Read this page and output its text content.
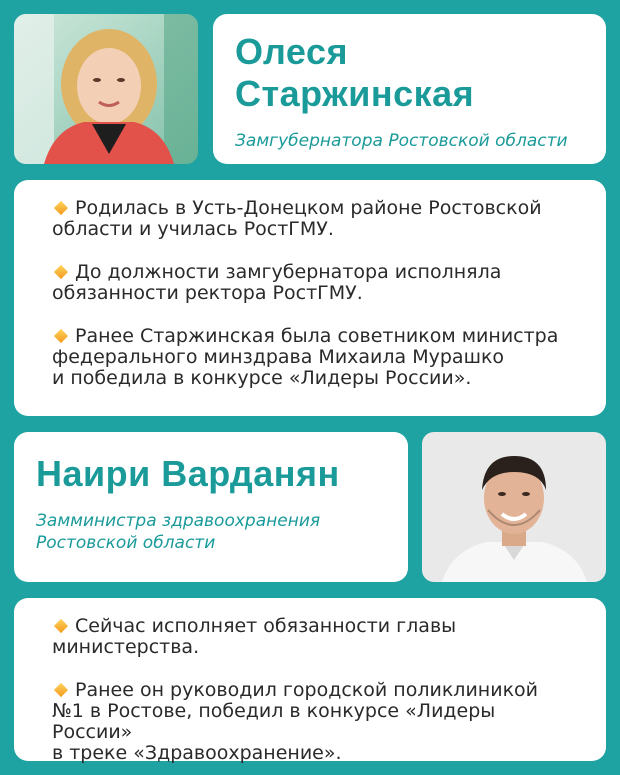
Олеся
Старжинская
Замгубернатора Ростовской области
Родилась в Усть-Донецком районе Ростовской
области и училась РостГМУ.
До должности замгубернатора исполняла
обязанности ректора РостГМУ.
Ранее Старжинская была советником министра
федерального минздрава Михаила Мурашко
и победила в конкурсе «Лидеры России».
Наири Варданян
Замминистра здравоохранения
Ростовской области
Сейчас исполняет обязанности главы
министерства.
Ранее он руководил городской поликлиникой
№1 в Ростове, победил в конкурсе «Лидеры России»
в треке «Здравоохранение».
